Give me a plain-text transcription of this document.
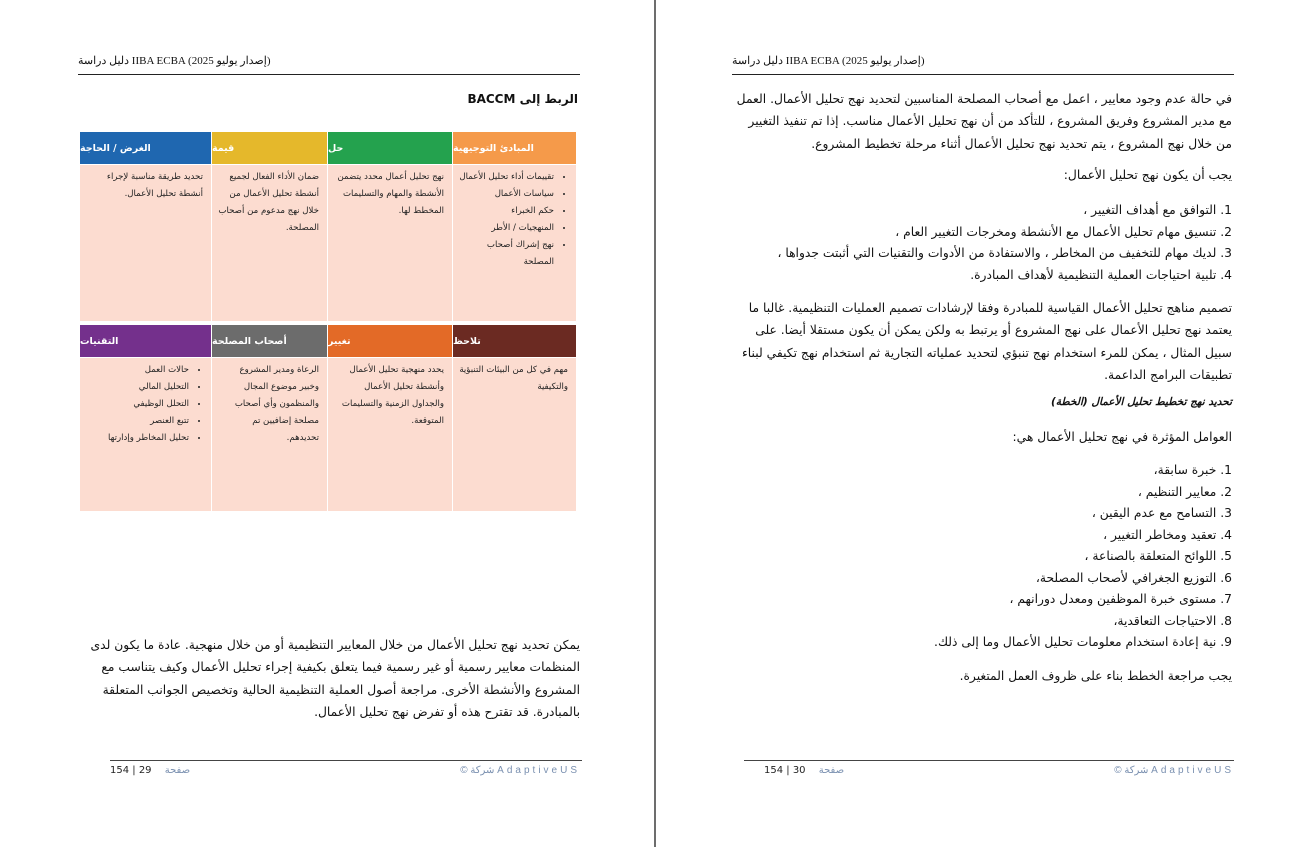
دليل دراسة IIBA ECBA (إصدار يوليو 2025)
الربط إلى BACCM
المبادئ التوجيهية
• تقييمات أداء تحليل الأعمال
• سياسات الأعمال
• حكم الخبراء
• المنهجيات / الأطر
• نهج إشراك أصحاب المصلحة
حل
نهج تحليل أعمال محدد يتضمن الأنشطة والمهام والتسليمات المخطط لها.
قيمة
ضمان الأداء الفعال لجميع أنشطة تحليل الأعمال من خلال نهج مدعوم من أصحاب المصلحة.
الغرض / الحاجة
تحديد طريقة مناسبة لإجراء أنشطة تحليل الأعمال.
تلاحظ
مهم في كل من البيئات التنبؤية والتكيفية
تغيير
يحدد منهجية تحليل الأعمال وأنشطة تحليل الأعمال والجداول الزمنية والتسليمات المتوقعة.
أصحاب المصلحة
الرعاة ومدير المشروع وخبير موضوع المجال والمنظمون وأي أصحاب مصلحة إضافيين تم تحديدهم.
التقنيات
• حالات العمل
• التحليل المالي
• التحلل الوظيفي
• تتبع العنصر
• تحليل المخاطر وإدارتها
يمكن تحديد نهج تحليل الأعمال من خلال المعايير التنظيمية أو من خلال منهجية. عادة ما يكون لدى المنظمات معايير رسمية أو غير رسمية فيما يتعلق بكيفية إجراء تحليل الأعمال وكيف يتناسب مع المشروع والأنشطة الأخرى. مراجعة أصول العملية التنظيمية الحالية وتخصيص الجوانب المتعلقة بالمبادرة. قد تقترح هذه أو تفرض نهج تحليل الأعمال.
154 | 29 صفحة	© شركة AdaptiveUS
دليل دراسة IIBA ECBA (إصدار يوليو 2025)
في حالة عدم وجود معايير ، اعمل مع أصحاب المصلحة المناسبين لتحديد نهج تحليل الأعمال. العمل مع مدير المشروع وفريق المشروع ، للتأكد من أن نهج تحليل الأعمال مناسب. إذا تم تنفيذ التغيير من خلال نهج المشروع ، يتم تحديد نهج تحليل الأعمال أثناء مرحلة تخطيط المشروع.
يجب أن يكون نهج تحليل الأعمال:
1. التوافق مع أهداف التغيير ،
2. تنسيق مهام تحليل الأعمال مع الأنشطة ومخرجات التغيير العام ،
3. لديك مهام للتخفيف من المخاطر ، والاستفادة من الأدوات والتقنيات التي أثبتت جدواها ،
4. تلبية احتياجات العملية التنظيمية لأهداف المبادرة.
تصميم مناهج تحليل الأعمال القياسية للمبادرة وفقا لإرشادات تصميم العمليات التنظيمية. غالبا ما يعتمد نهج تحليل الأعمال على نهج المشروع أو يرتبط به ولكن يمكن أن يكون مستقلا أيضا. على سبيل المثال ، يمكن للمرء استخدام نهج تنبؤي لتحديد عملياته التجارية ثم استخدام نهج تكيفي لبناء تطبيقات البرامج الداعمة.
تحديد نهج تخطيط تحليل الأعمال (الخطة)
العوامل المؤثرة في نهج تحليل الأعمال هي:
1. خبرة سابقة،
2. معايير التنظيم ،
3. التسامح مع عدم اليقين ،
4. تعقيد ومخاطر التغيير ،
5. اللوائح المتعلقة بالصناعة ،
6. التوزيع الجغرافي لأصحاب المصلحة،
7. مستوى خبرة الموظفين ومعدل دورانهم ،
8. الاحتياجات التعاقدية،
9. نية إعادة استخدام معلومات تحليل الأعمال وما إلى ذلك.
يجب مراجعة الخطط بناء على ظروف العمل المتغيرة.
154 | 30 صفحة	© شركة AdaptiveUS
